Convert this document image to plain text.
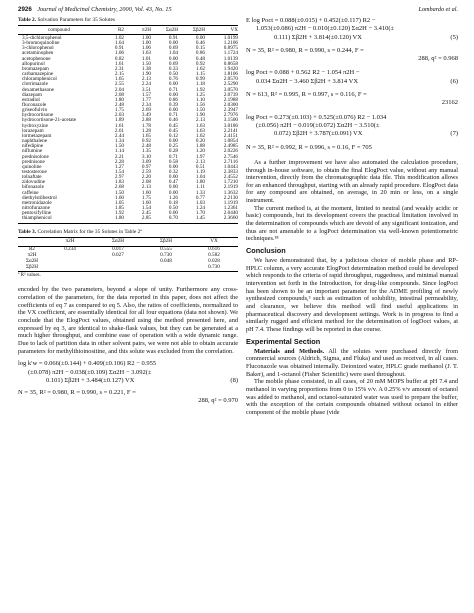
2926 Journal of Medicinal Chemistry, 2000, Vol. 43, No. 15	Lombardo et al.
Table 2. Solvation Parameters for 35 Solutes
compound	R2	π2H	Σα2H	Σβ2H	VX
3,5-dichlorophenol	1.02	1.00	0.91	0.00	1.0199
3-bromoquinoline	1.64	1.00	0.00	0.46	1.2106
3-chlorophenol	0.91	1.06	0.69	0.15	0.8975
acetaminophen	1.06	1.63	1.04	0.86	1.1724
acetophenone	0.82	1.01	0.00	0.48	1.0139
allopurinol	1.61	1.50	0.69	0.92	0.8658
bromazepam	2.31	1.38	0.33	1.62	1.9420
carbamazepine	2.15	1.90	0.50	1.15	1.8106
chloramphenicol	1.65	2.13	0.76	0.99	2.0570
clotrimazole	2.55	2.24	0.00	1.18	2.5290
dexamethasone	2.04	3.51	0.71	1.92	3.0570
diazepam	2.08	1.57	0.00	1.25	2.0739
estradiol	1.80	1.77	0.86	1.10	2.1988
fluconazole	2.48	2.34	0.39	1.56	2.0300
griseofulvin	1.75	2.69	0.00	1.50	2.3947
hydrocortisone	2.03	3.49	0.71	1.90	2.7976
hydrocortisone-21-acetate	1.89	2.88	0.46	2.13	3.1500
hydroxyzine	1.61	1.78	0.45	1.63	3.0186
lorazepam	2.61	1.28	0.45	1.63	2.2141
lormetazepam	2.44	1.65	0.12	1.62	2.4151
naphthalene	1.34	0.92	0.00	0.20	1.0854
nifedipine	1.50	2.48	0.25	1.88	2.4985
niflumine	1.14	1.35	0.28	1.20	2.0226
prednisolone	2.21	3.10	0.71	1.97	2.7546
prednisone	2.28	3.09	0.58	2.13	2.7116
quinoline	1.27	0.97	0.00	0.51	1.0443
testosterone	1.54	2.59	0.32	1.19	2.3833
tolnaftate	2.97	2.20	0.00	1.04	2.4552
zidovudine	1.83	2.08	0.47	1.80	1.7210
bifonazole	2.68	2.13	0.00	1.11	2.1919
caffeine	1.50	1.60	0.00	1.33	1.3632
diethylstilbestrol	1.60	1.75	1.26	0.77	2.2130
metronidazole	1.05	1.60	0.18	1.03	1.1919
nitrofurazone	1.85	1.54	0.50	1.24	1.2361
pentoxifylline	1.92	2.45	0.00	1.70	2.0440
thiamphenicol	1.80	2.85	0.70	1.45	2.3660
Table 3. Correlation Matrix for the 35 Solutes in Table 2ª
	π2H	Σα2H	Σβ2H	VX
R2	0.234	0.017	0.555	0.616
π2H		0.027	0.730	0.582
Σα2H			0.048	0.028
Σβ2H				0.730
ª R² values.

encoded by the two parameters, beyond a slope of unity. Furthermore any cross-correlation of the parameters, for the data reported in this paper, does not affect the coefficients of eq 7 as compared to eq 5. Also, the ratios of coefficients, normalized to the VX coefficient, are essentially identical for all four equations (data not shown). We conclude that the ElogPoct values, obtained using the method presented here, and expressed by eq 3, are identical to shake-flask values, but they can be generated at a much higher throughput, and combine ease of operation with a wide dynamic range. Due to lack of partition data in other solvent pairs, we were not able to obtain accurate parameters for methylthioinositine, and this solute was excluded from the correlation.

log k′w = 0.066(±0.144) + 0.409(±0.106) R2 − 0.955

(±0.078) π2H − 0.038(±0.109) Σα2H − 3.092(±

0.101) Σβ2H + 3.484(±0.127) VX	(8)

N = 35, R² = 0.980, R = 0.990, s = 0.221, F =

288, q² = 0.970

E log Poct = 0.088(±0.015) + 0.452(±0.117) R2 −

1.053(±0.086) π2H − 0.010(±0.120) Σα2H − 3.410(±

0.111) Σβ2H + 3.814(±0.120) VX	(5)

N = 35, R² = 0.980, R = 0.990, s = 0.244, F =

288, q² = 0.968

log Poct = 0.088 + 0.562 R2 − 1.054 π2H −

0.034 Σα2H − 3.460 Σβ2H + 3.814 VX	(6)

N = 613, R² = 0.995, R = 0.997, s = 0.116, F =

23162

log Poct = 0.273(±0.103) + 0.525(±0.076) R2 − 1.034

(±0.056) π2H − 0.019(±0.072) Σα2H − 3.510(±

0.072) Σβ2H + 3.787(±0.091) VX	(7)

N = 35, R² = 0.992, R = 0.996, s = 0.16, F = 705

As a further improvement we have also automated the calculation procedure, through in-house software, to obtain the final ElogPoct value, without any manual intervention, directly from the chromatographic data file. This modification allows for an enhanced throughput, starting with an already rapid procedure. ElogPoct data for any compound are obtained, on average, in 20 min or less, on a single instrument.

The current method is, at the moment, limited to neutral (and weakly acidic or basic) compounds, but its development covers the practical limitation involved in the determination of compounds which are devoid of any significant ionization, and thus are not amenable to a logPoct determination via well-known potentiometric techniques.¹⁸

Conclusion

We have demonstrated that, by a judicious choice of mobile phase and RP-HPLC column, a very accurate ElogPoct determination method could be developed which responds to the criteria of rapid throughput, ruggedness, and minimal manual intervention set forth in the Introduction, for drug-like compounds. Since logPoct has been shown to be an important parameter for the ADME profiling of newly synthesized compounds,³ such as estimation of solubility, intestinal permeability, and clearance, we believe this method will find useful applications in pharmaceutical discovery and development settings. Work is in progress to find a similarly rugged and efficient method for the determination of logDoct values, at pH 7.4. These findings will be reported in due course.

Experimental Section

Materials and Methods. All the solutes were purchased directly from commercial sources (Aldrich, Sigma, and Fluka) and used as received, in all cases. Fluconazole was obtained internally. Deionized water, HPLC grade methanol (J. T. Baker), and 1-octanol (Fisher Scientific) were used throughout.

The mobile phase consisted, in all cases, of 20 mM MOPS buffer at pH 7.4 and methanol in varying proportions from 0 to 15% v/v. A 0.25% v/v amount of octanol was added to methanol, and octanol-saturated water was used to prepare the buffer, with the exception of the certain compounds obtained without octanol in either component of the mobile phase (vide
